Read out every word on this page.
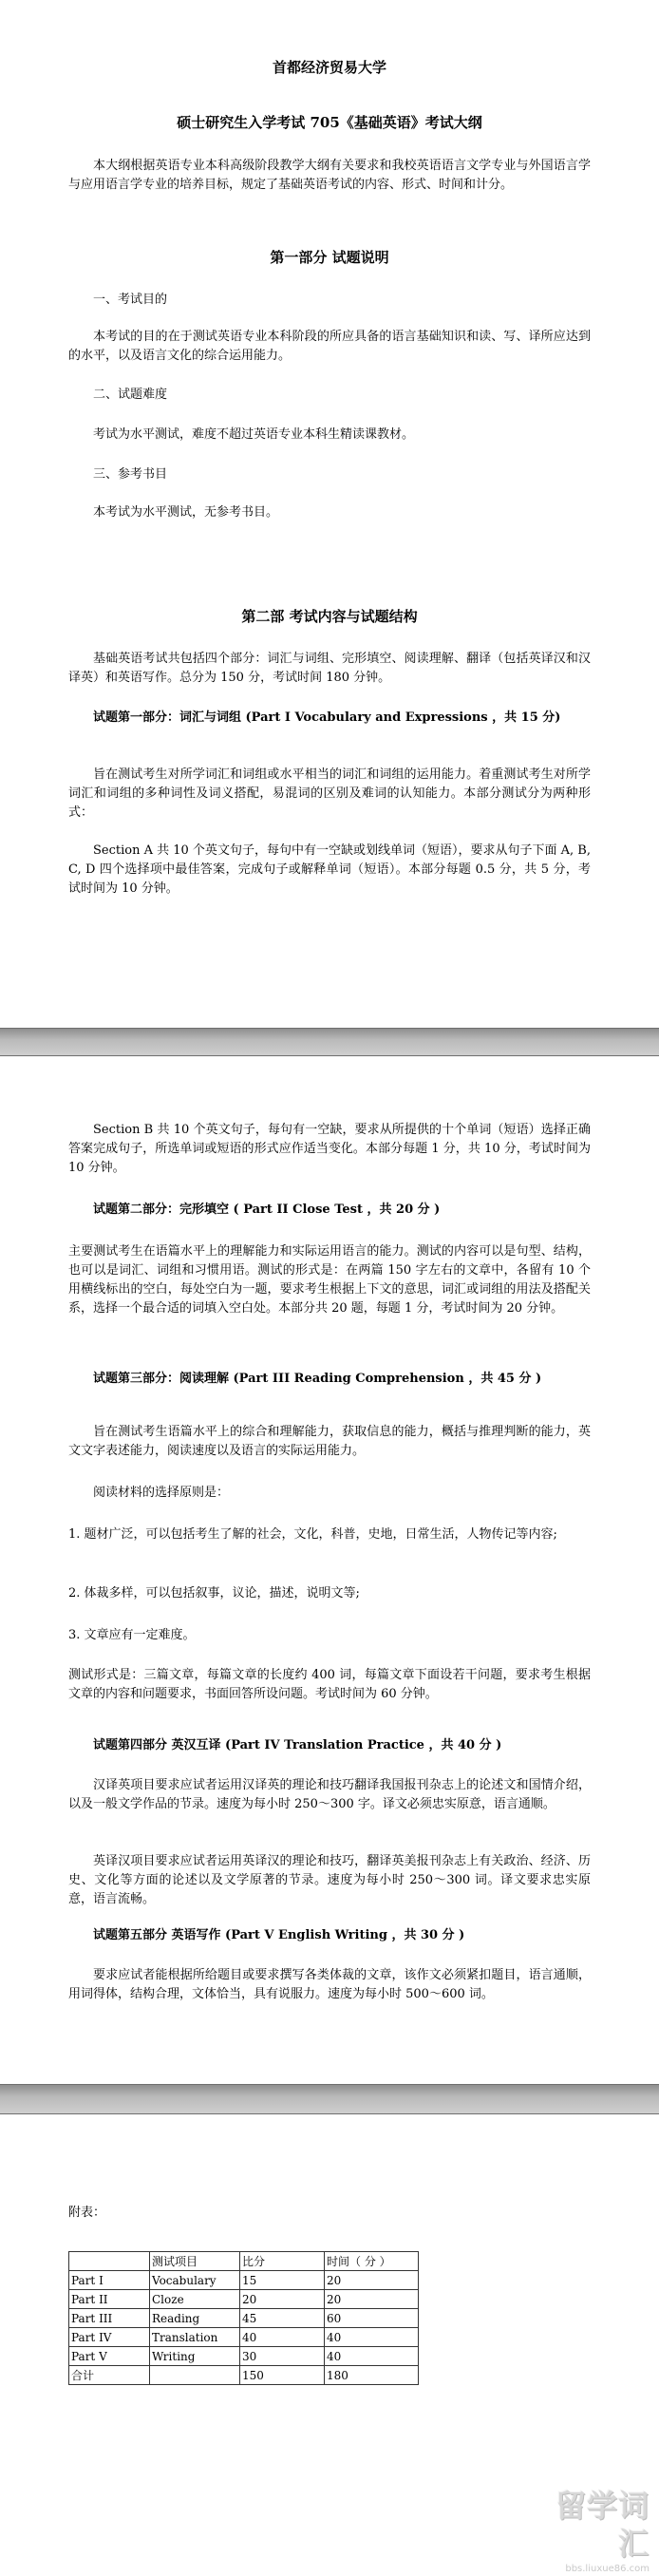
首都经济贸易大学
硕士研究生入学考试 705《基础英语》考试大纲

本大纲根据英语专业本科高级阶段教学大纲有关要求和我校英语语言文学专业与外国语言学与应用语言学专业的培养目标，规定了基础英语考试的内容、形式、时间和计分。

第一部分 试题说明

一、考试目的

本考试的目的在于测试英语专业本科阶段的所应具备的语言基础知识和读、写、译所应达到的水平，以及语言文化的综合运用能力。

二、试题难度

考试为水平测试，难度不超过英语专业本科生精读课教材。

三、参考书目

本考试为水平测试，无参考书目。

第二部 考试内容与试题结构

基础英语考试共包括四个部分：词汇与词组、完形填空、阅读理解、翻译（包括英译汉和汉译英）和英语写作。总分为 150 分，考试时间 180 分钟。

试题第一部分：词汇与词组 (Part I Vocabulary and Expressions ，共 15 分)

旨在测试考生对所学词汇和词组或水平相当的词汇和词组的运用能力。着重测试考生对所学词汇和词组的多种词性及词义搭配，易混词的区别及难词的认知能力。本部分测试分为两种形式：

Section A 共 10 个英文句子，每句中有一空缺或划线单词（短语），要求从句子下面 A, B, C, D 四个选择项中最佳答案，完成句子或解释单词（短语）。本部分每题 0.5 分，共 5 分，考试时间为 10 分钟。

Section B 共 10 个英文句子，每句有一空缺，要求从所提供的十个单词（短语）选择正确答案完成句子，所选单词或短语的形式应作适当变化。本部分每题 1 分，共 10 分，考试时间为 10 分钟。

试题第二部分：完形填空 ( Part II Close Test ，共 20 分 )

主要测试考生在语篇水平上的理解能力和实际运用语言的能力。测试的内容可以是句型、结构，也可以是词汇、词组和习惯用语。测试的形式是：在两篇 150 字左右的文章中，各留有 10 个用横线标出的空白，每处空白为一题，要求考生根据上下文的意思，词汇或词组的用法及搭配关系，选择一个最合适的词填入空白处。本部分共 20 题，每题 1 分，考试时间为 20 分钟。

试题第三部分：阅读理解 (Part III Reading Comprehension ，共 45 分 )

旨在测试考生语篇水平上的综合和理解能力，获取信息的能力，概括与推理判断的能力，英文文字表述能力，阅读速度以及语言的实际运用能力。

阅读材料的选择原则是：

1. 题材广泛，可以包括考生了解的社会，文化，科普，史地，日常生活，人物传记等内容;

2. 体裁多样，可以包括叙事，议论，描述，说明文等;

3. 文章应有一定难度。

测试形式是：三篇文章，每篇文章的长度约 400 词，每篇文章下面设若干问题，要求考生根据文章的内容和问题要求，书面回答所设问题。考试时间为 60 分钟。

试题第四部分 英汉互译 (Part IV Translation Practice ，共 40 分 )

汉译英项目要求应试者运用汉译英的理论和技巧翻译我国报刊杂志上的论述文和国情介绍，以及一般文学作品的节录。速度为每小时 250～300 字。译文必须忠实原意，语言通顺。

英译汉项目要求应试者运用英译汉的理论和技巧，翻译英美报刊杂志上有关政治、经济、历史、文化等方面的论述以及文学原著的节录。速度为每小时 250～300 词。译文要求忠实原意，语言流畅。

试题第五部分 英语写作 (Part V English Writing ，共 30 分 )

要求应试者能根据所给题目或要求撰写各类体裁的文章，该作文必须紧扣题目，语言通顺，用词得体，结构合理，文体恰当，具有说服力。速度为每小时 500～600 词。

附表：
	测试项目	比分	时间（ 分 ）
Part I	Vocabulary	15	20
Part II	Cloze	20	20
Part III	Reading	45	60
Part IV	Translation	40	40
Part V	Writing	30	40
合计		150	180
留学词汇
bbs.liuxue86.com
